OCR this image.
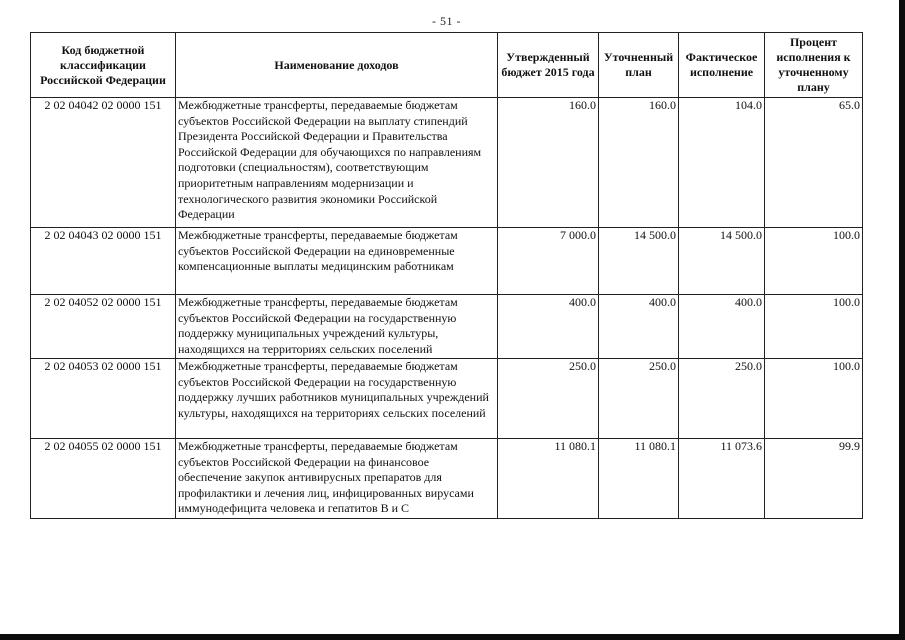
- 51 -
Код бюджетной классификации Российской Федерации	Наименование доходов	Утвержденный бюджет 2015 года	Уточненный план	Фактическое исполнение	Процент исполнения к уточненному плану
2 02 04042 02 0000 151	Межбюджетные трансферты, передаваемые бюджетам субъектов Российской Федерации на выплату стипендий Президента Российской Федерации и Правительства Российской Федерации для обучающихся по направлениям подготовки (специальностям), соответствующим приоритетным направлениям модернизации и технологического развития экономики Российской Федерации	160.0	160.0	104.0	65.0
2 02 04043 02 0000 151	Межбюджетные трансферты, передаваемые бюджетам субъектов Российской Федерации на единовременные компенсационные выплаты медицинским работникам	7 000.0	14 500.0	14 500.0	100.0
2 02 04052 02 0000 151	Межбюджетные трансферты, передаваемые бюджетам субъектов Российской Федерации на государственную поддержку муниципальных учреждений культуры, находящихся на территориях сельских поселений	400.0	400.0	400.0	100.0
2 02 04053 02 0000 151	Межбюджетные трансферты, передаваемые бюджетам субъектов Российской Федерации на государственную поддержку лучших работников муниципальных учреждений культуры, находящихся на территориях сельских поселений	250.0	250.0	250.0	100.0
2 02 04055 02 0000 151	Межбюджетные трансферты, передаваемые бюджетам субъектов Российской Федерации на финансовое обеспечение закупок антивирусных препаратов для профилактики и лечения лиц, инфицированных вирусами иммунодефицита человека и гепатитов B и C	11 080.1	11 080.1	11 073.6	99.9
